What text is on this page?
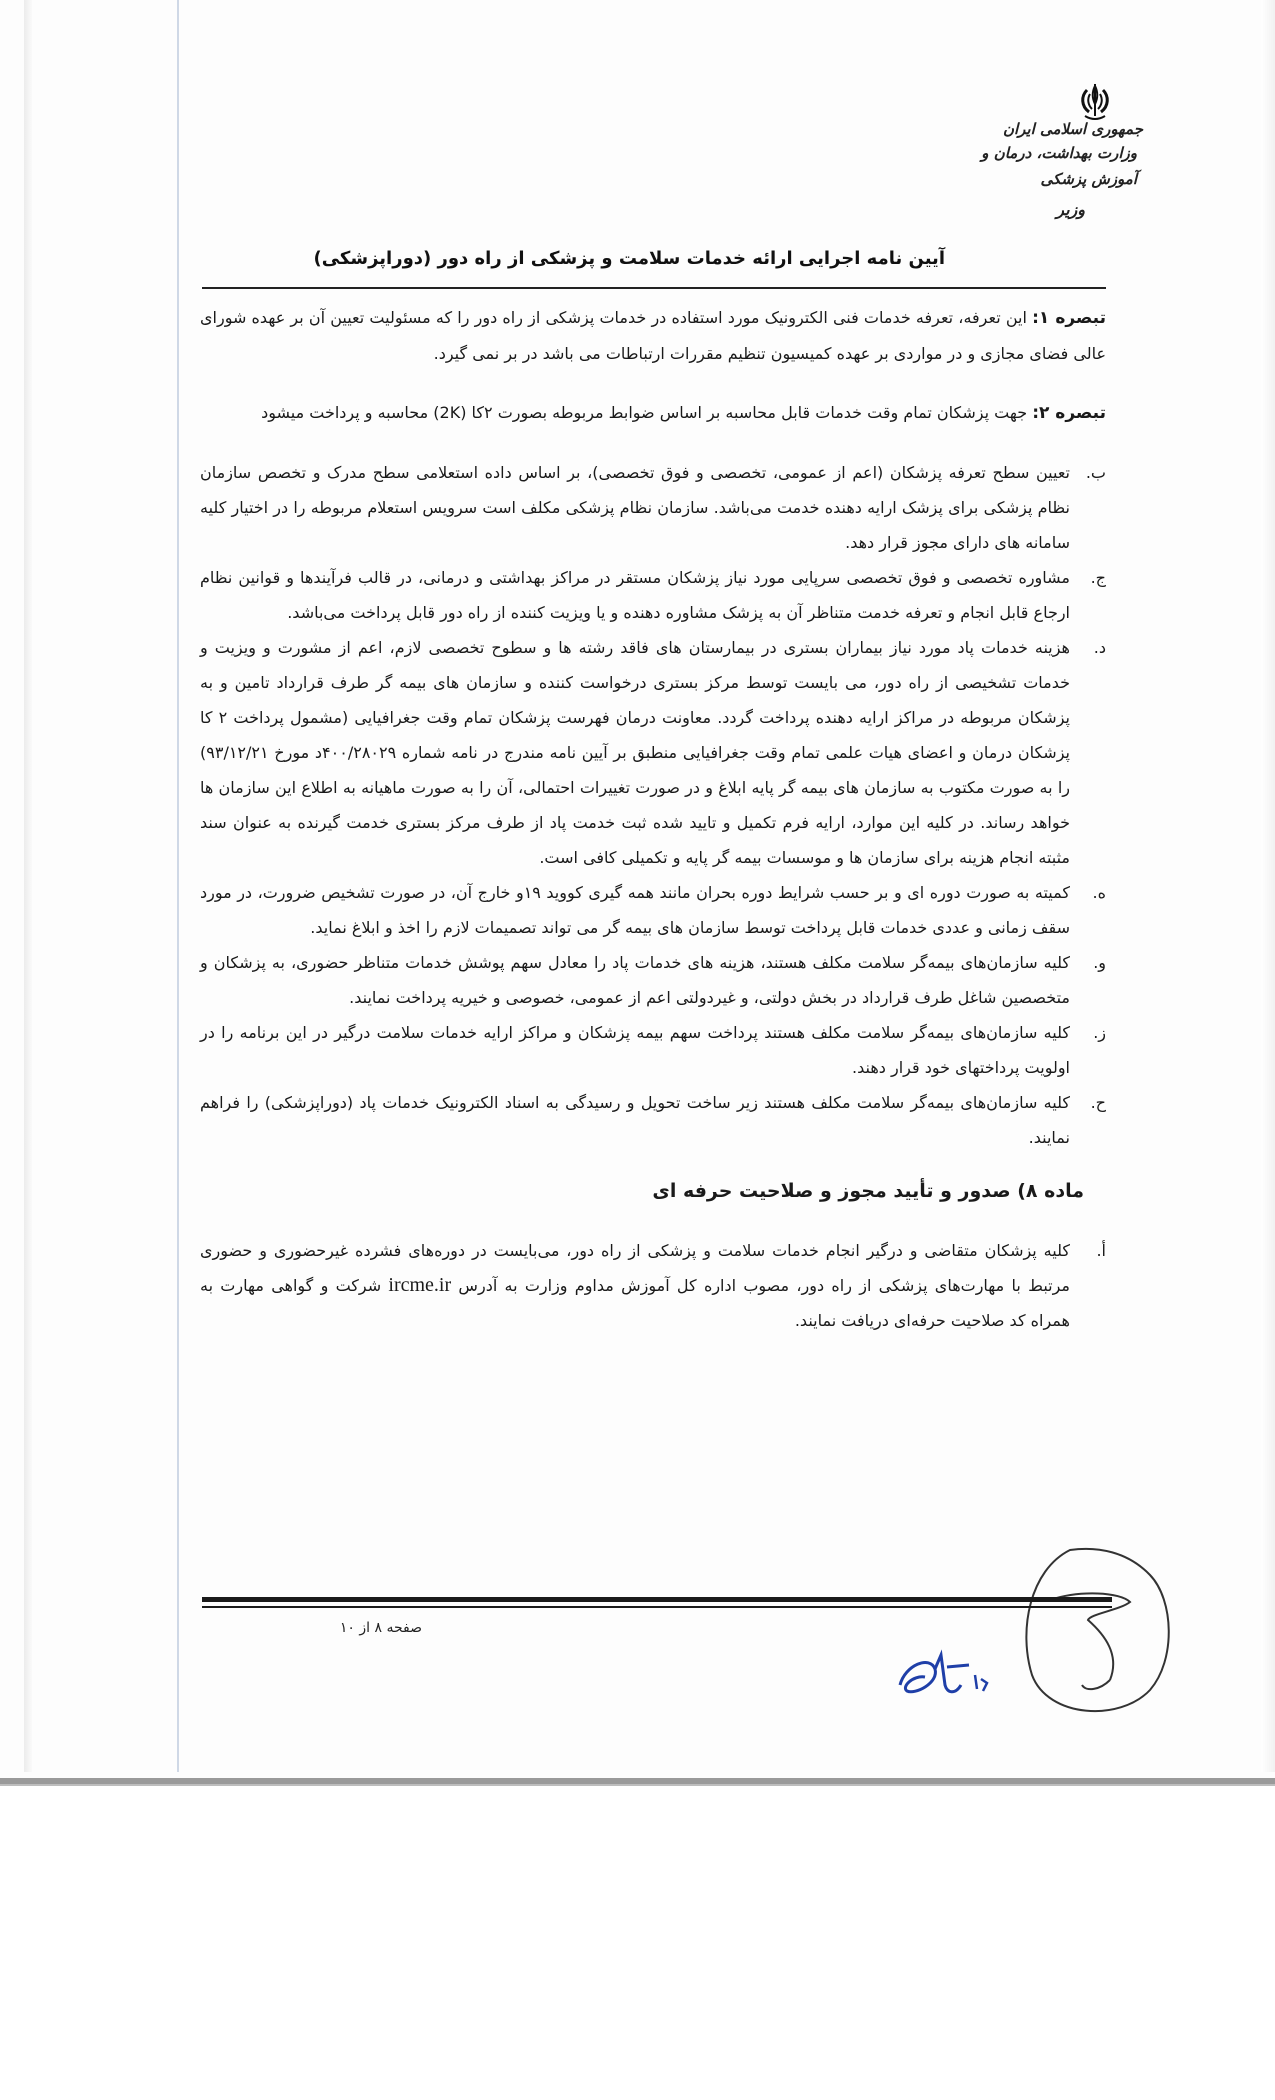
جمهوری اسلامی ایران
وزارت بهداشت، درمان و آموزش پزشکی
وزیر
آیین نامه اجرایی ارائه خدمات سلامت و پزشکی از راه دور (دوراپزشکی)

تبصره ۱: این تعرفه، تعرفه خدمات فنی الکترونیک مورد استفاده در خدمات پزشکی از راه دور را که مسئولیت تعیین آن بر عهده شورای عالی فضای مجازی و در مواردی بر عهده کمیسیون تنظیم مقررات ارتباطات می باشد در بر نمی گیرد.

تبصره ۲: جهت پزشکان تمام وقت خدمات قابل محاسبه بر اساس ضوابط مربوطه بصورت ۲کا (2K) محاسبه و پرداخت میشود

ب.
تعیین سطح تعرفه پزشکان (اعم از عمومی، تخصصی و فوق تخصصی)، بر اساس داده استعلامی سطح مدرک و تخصص سازمان نظام پزشکی برای پزشک ارایه دهنده خدمت می‌باشد. سازمان نظام پزشکی مکلف است سرویس استعلام مربوطه را در اختیار کلیه سامانه های دارای مجوز قرار دهد.
ج.
مشاوره تخصصی و فوق تخصصی سرپایی مورد نیاز پزشکان مستقر در مراکز بهداشتی و درمانی، در قالب فرآیندها و قوانین نظام ارجاع قابل انجام و تعرفه خدمت متناظر آن به پزشک مشاوره دهنده و یا ویزیت کننده از راه دور قابل پرداخت می‌باشد.
د.
هزینه خدمات پاد مورد نیاز بیماران بستری در بیمارستان های فاقد رشته ها و سطوح تخصصی لازم، اعم از مشورت و ویزیت و خدمات تشخیصی از راه دور، می بایست توسط مرکز بستری درخواست کننده و سازمان های بیمه گر طرف قرارداد تامین و به پزشکان مربوطه در مراکز ارایه دهنده پرداخت گردد. معاونت درمان فهرست پزشکان تمام وقت جغرافیایی (مشمول پرداخت ۲ کا پزشکان درمان و اعضای هیات علمی تمام وقت جغرافیایی منطبق بر آیین نامه مندرج در نامه شماره ۴۰۰/۲۸۰۲۹د مورخ ۹۳/۱۲/۲۱) را به صورت مکتوب به سازمان های بیمه گر پایه ابلاغ و در صورت تغییرات احتمالی، آن را به صورت ماهیانه به اطلاع این سازمان ها خواهد رساند. در کلیه این موارد، ارایه فرم تکمیل و تایید شده ثبت خدمت پاد از طرف مرکز بستری خدمت گیرنده به عنوان سند مثبته انجام هزینه برای سازمان ها و موسسات بیمه گر پایه و تکمیلی کافی است.
ه.
کمیته به صورت دوره ای و بر حسب شرایط دوره بحران مانند همه گیری کووید ۱۹و خارج آن، در صورت تشخیص ضرورت، در مورد سقف زمانی و عددی خدمات قابل پرداخت توسط سازمان های بیمه گر می تواند تصمیمات لازم را اخذ و ابلاغ نماید.
و.
کلیه سازمان‌های بیمه‌گر سلامت مکلف هستند، هزینه های خدمات پاد را معادل سهم پوشش خدمات متناظر حضوری، به پزشکان و متخصصین شاغل طرف قرارداد در بخش دولتی، و غیردولتی اعم از عمومی، خصوصی و خیریه پرداخت نمایند.
ز.
کلیه سازمان‌های بیمه‌گر سلامت مکلف هستند پرداخت سهم بیمه پزشکان و مراکز ارایه خدمات سلامت درگیر در این برنامه را در اولویت پرداختهای خود قرار دهند.
ح.
کلیه سازمان‌های بیمه‌گر سلامت مکلف هستند زیر ساخت تحویل و رسیدگی به اسناد الکترونیک خدمات پاد (دوراپزشکی) را فراهم نمایند.
ماده ۸) صدور و تأیید مجوز و صلاحیت حرفه ای
أ.
کلیه پزشکان متقاضی و درگیر انجام خدمات سلامت و پزشکی از راه دور، می‌بایست در دوره‌های فشرده غیرحضوری و حضوری مرتبط با مهارت‌های پزشکی از راه دور، مصوب اداره کل آموزش مداوم وزارت به آدرس ircme.ir شرکت و گواهی مهارت به همراه کد صلاحیت حرفه‌ای دریافت نمایند.
صفحه ۸ از ۱۰
